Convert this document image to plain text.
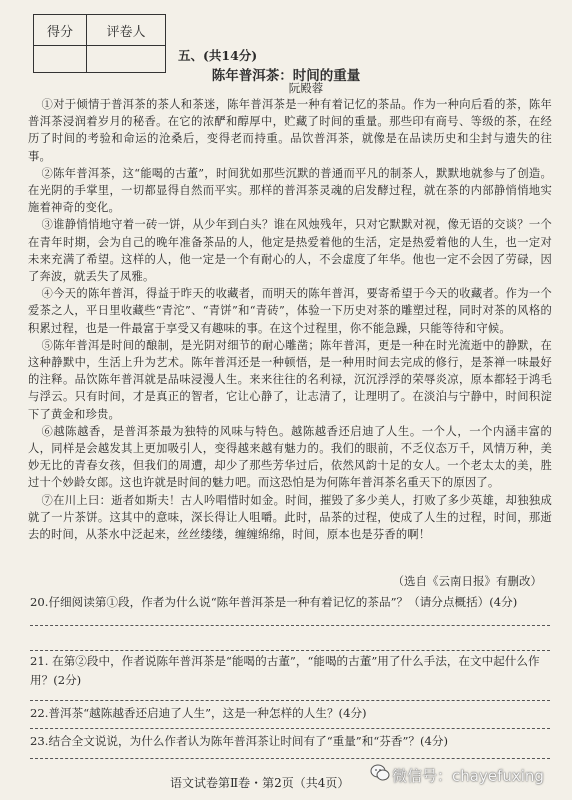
得分	评卷人

五、(共14分)
陈年普洱茶：时间的重量
阮殿蓉

①对于倾情于普洱茶的茶人和茶迷，陈年普洱茶是一种有着记忆的茶品。作为一种向后看的茶，陈年普洱茶浸润着岁月的秘香。在它的浓酽和醇厚中，贮藏了时间的重量。那些印有商号、等级的茶，在经历了时间的考验和命运的沧桑后，变得老而持重。品饮普洱茶，就像是在品读历史和尘封与遗失的往事。

②陈年普洱茶，这“能喝的古董”，时间犹如那些沉默的普通而平凡的制茶人，默默地就参与了创造。在光阴的手掌里，一切都显得自然而平实。那样的普洱茶灵魂的启发酵过程，就在茶的内部静悄悄地实施着神奇的变化。

③谁静悄悄地守着一砖一饼，从少年到白头？谁在风烛残年，只对它默默对视，像无语的交谈？一个在青年时期，会为自己的晚年准备茶品的人，他定是热爱着他的生活，定是热爱着他的人生，也一定对未来充满了希望。这样的人，他一定是一个有耐心的人，不会虚度了年华。他也一定不会因了劳碌，因了奔波，就丢失了凤雅。

④今天的陈年普洱，得益于昨天的收藏者，而明天的陈年普洱，要寄希望于今天的收藏者。作为一个爱茶之人，平日里收藏些“青沱”、“青饼”和“青砖”，体验一下历史对茶的雕塑过程，同时对茶的风格的积累过程，也是一件最富于享受又有趣味的事。在这个过程里，你不能急躁，只能等待和守候。

⑤陈年普洱是时间的酿制，是光阴对细节的耐心雕凿；陈年普洱，更是一种在时光流逝中的静默，在这种静默中，生活上升为艺术。陈年普洱还是一种顿悟，是一种用时间去完成的修行，是茶禅一味最好的注释。品饮陈年普洱就是品味浸漫人生。来来往往的名利禄，沉沉浮浮的荣辱炎凉，原本都轻于鸿毛与浮云。只有时间，才是真正的智者，它让心静了，让志清了，让理明了。在淡泊与宁静中，时间积淀下了黄金和珍贵。

⑥越陈越香，是普洱茶最为独特的风味与特色。越陈越香还启迪了人生。一个人，一个内涵丰富的人，同样是会越发其上更加吸引人，变得越来越有魅力的。我们的眼前，不乏仪态万千，风情万种，美妙无比的青春女孩，但我们的周遭，却少了那些芳华过后，依然风韵十足的女人。一个老太太的美，胜过十个妙龄女郎。这也许就是时间的魅力吧。而这恐怕是为何陈年普洱茶名重天下的原因了。

⑦在川上曰：逝者如斯夫！古人吟唱惜时如金。时间，摧毁了多少美人，打败了多少英雄，却独独成就了一片茶饼。这其中的意味，深长得让人咀嚼。此时，品茶的过程，使成了人生的过程，时间，那逝去的时间，从茶水中泛起来，丝丝缕缕，缠缠绵绵，时间，原本也是芬香的啊！

（选自《云南日报》有删改）
20.仔细阅读第①段，作者为什么说“陈年普洱茶是一种有着记忆的茶品”？（请分点概括）(4分)
21. 在第②段中，作者说陈年普洱茶是“能喝的古董”，“能喝的古董”用了什么手法，在文中起什么作用？(2分)
22.普洱茶“越陈越香还启迪了人生”，这是一种怎样的人生？(4分)
23.结合全文说说，为什么作者认为陈年普洱茶让时间有了“重量”和“芬香”？(4分)
语文试卷第Ⅱ卷・第2页（共4页）	微信号：chayefuxing
